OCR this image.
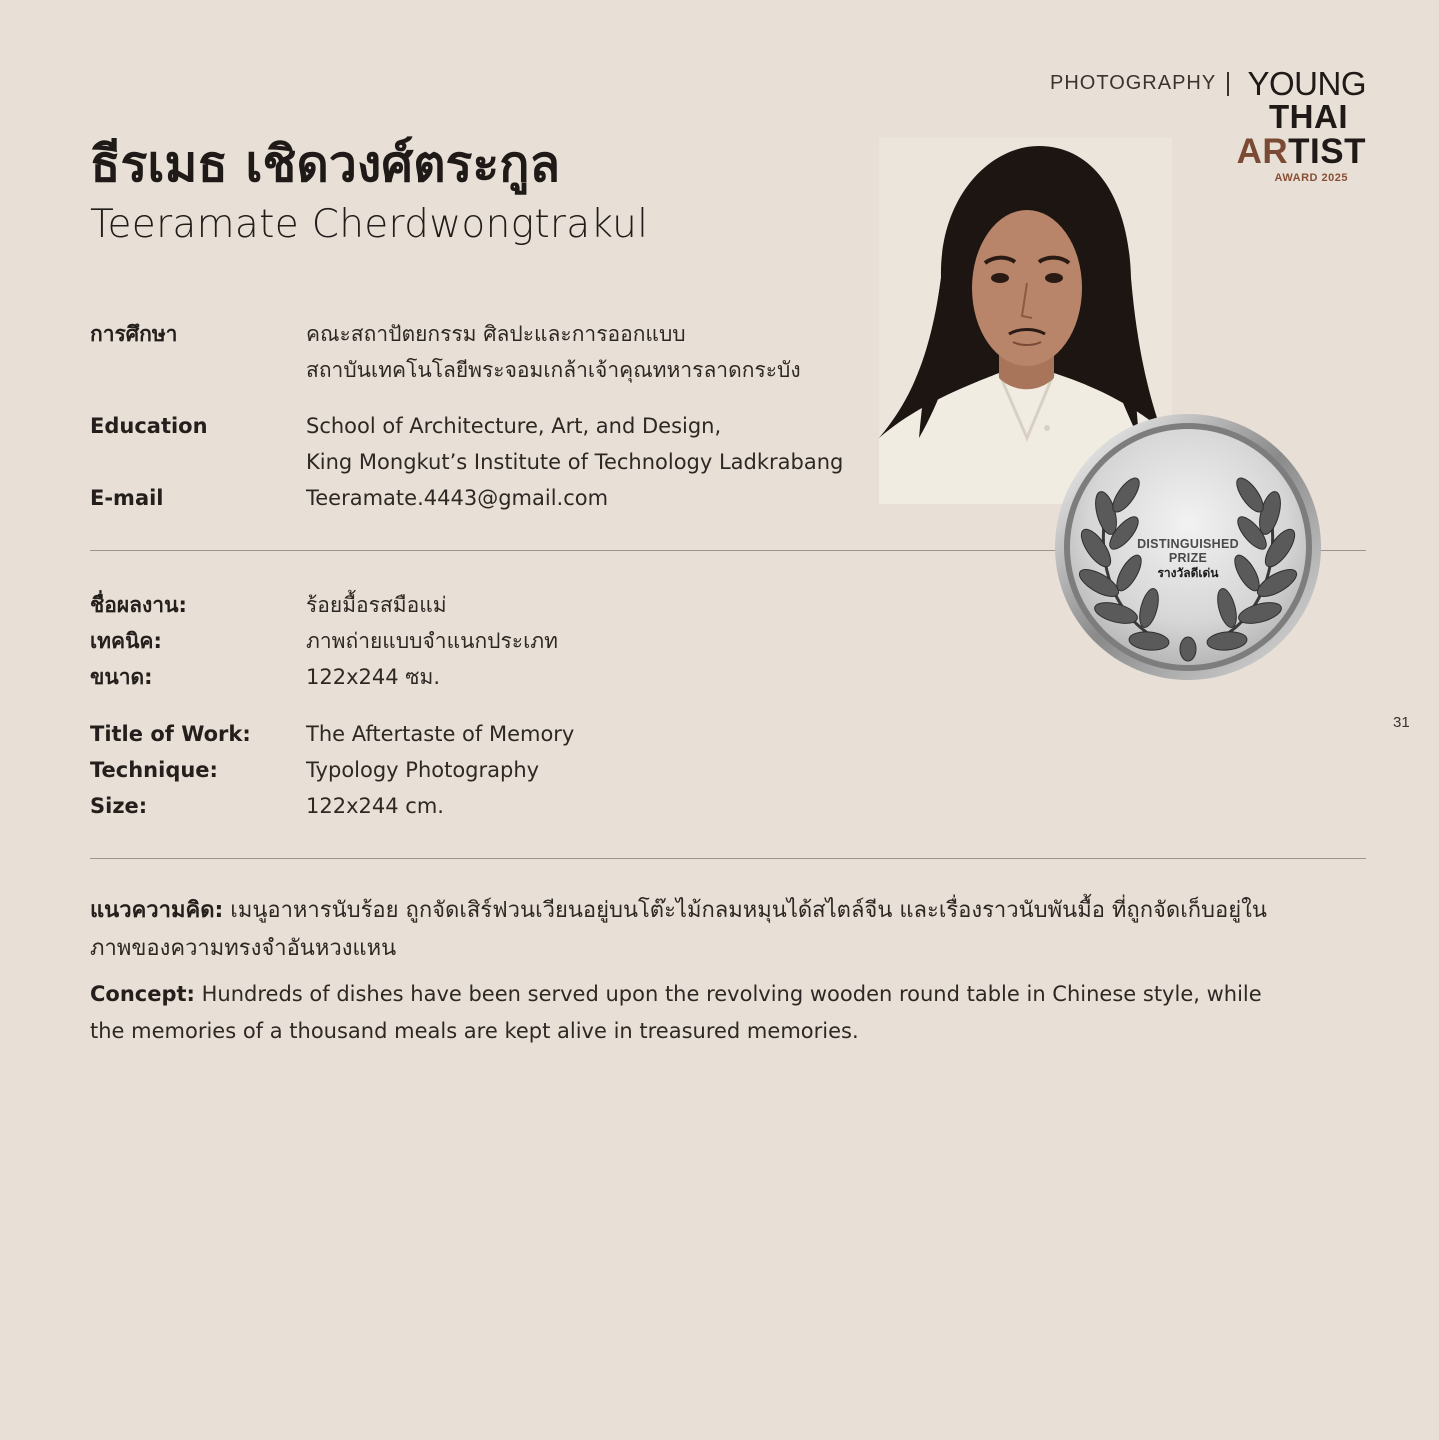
PHOTOGRAPHY YOUNG
THAI
ARTIST
AWARD 2025
ธีรเมธ เชิดวงศ์ตระกูล
Teeramate Cherdwongtrakul
การศึกษา	คณะสถาปัตยกรรม ศิลปะและการออกแบบ
สถาบันเทคโนโลยีพระจอมเกล้าเจ้าคุณทหารลาดกระบัง
Education	School of Architecture, Art, and Design,
King Mongkut’s Institute of Technology Ladkrabang
E-mail	Teeramate.4443@gmail.com
ชื่อผลงาน:	ร้อยมื้อรสมือแม่
เทคนิค:	ภาพถ่ายแบบจำแนกประเภท
ขนาด:	122x244 ซม.
Title of Work:	The Aftertaste of Memory
Technique:	Typology Photography
Size:	122x244 cm.
แนวความคิด: เมนูอาหารนับร้อย ถูกจัดเสิร์ฟวนเวียนอยู่บนโต๊ะไม้กลมหมุนได้สไตล์จีน และเรื่องราวนับพันมื้อ ที่ถูกจัดเก็บอยู่ในภาพของความทรงจำอันหวงแหน
Concept: Hundreds of dishes have been served upon the revolving wooden round table in Chinese style, while the memories of a thousand meals are kept alive in treasured memories.
DISTINGUISHED
PRIZE
รางวัลดีเด่น
31
